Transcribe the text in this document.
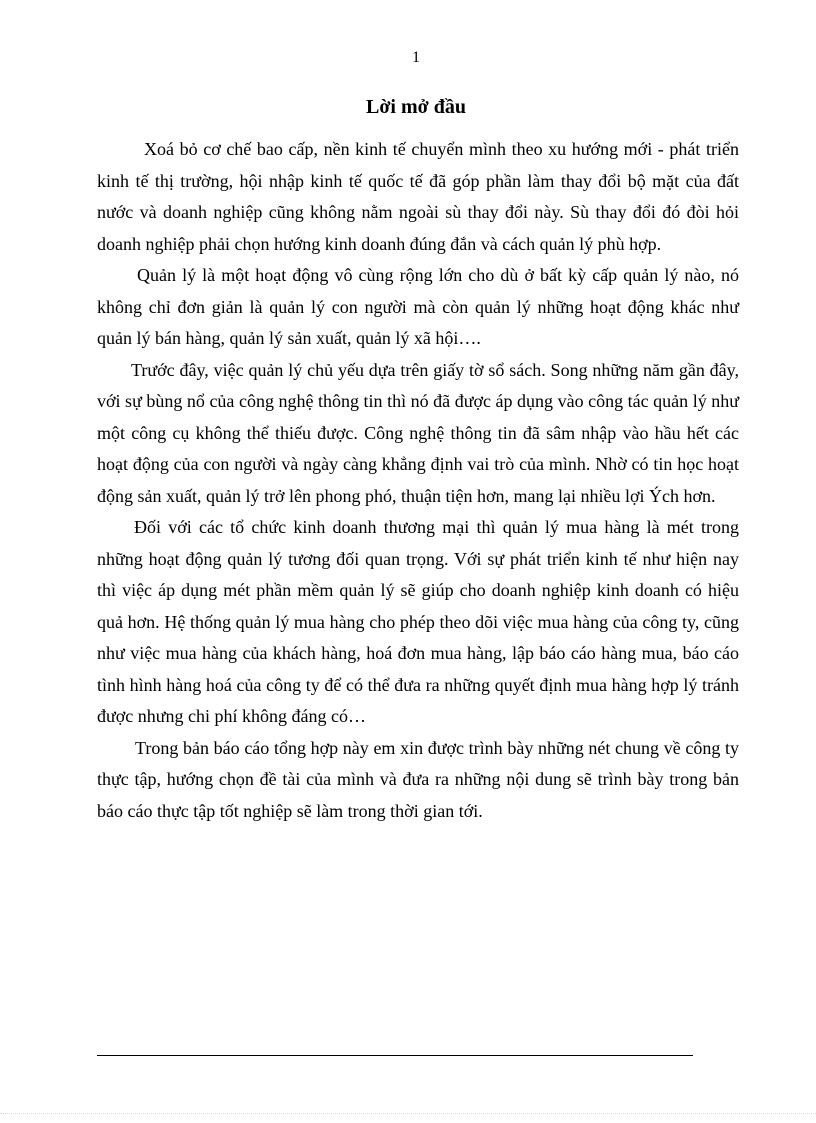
1
Lời mở đầu

Xoá bỏ cơ chế bao cấp, nền kinh tế chuyển mình theo xu hướng mới - phát triển kinh tế thị trường, hội nhập kinh tế quốc tế đã góp phần làm thay đổi bộ mặt của đất nước và doanh nghiệp cũng không nằm ngoài sù thay đổi này. Sù thay đổi đó đòi hỏi doanh nghiệp phải chọn hướng kinh doanh đúng đắn và cách quản lý phù hợp.

Quản lý là một hoạt động vô cùng rộng lớn cho dù ở bất kỳ cấp quản lý nào, nó không chỉ đơn giản là quản lý con người mà còn quản lý những hoạt động khác như quản lý bán hàng, quản lý sản xuất, quản lý xã hội….

Trước đây, việc quản lý chủ yếu dựa trên giấy tờ sổ sách. Song những năm gần đây, với sự bùng nổ của công nghệ thông tin thì nó đã được áp dụng vào công tác quản lý như một công cụ không thể thiếu được. Công nghệ thông tin đã sâm nhập vào hầu hết các hoạt động của con người và ngày càng khẳng định vai trò của mình. Nhờ có tin học hoạt động sản xuất, quản lý trở lên phong phó, thuận tiện hơn, mang lại nhiều lợi Ých hơn.

Đối với các tổ chức kinh doanh thương mại thì quản lý mua hàng là mét trong những hoạt động quản lý tương đối quan trọng. Với sự phát triển kinh tế như hiện nay thì việc áp dụng mét phần mềm quản lý sẽ giúp cho doanh nghiệp kinh doanh có hiệu quả hơn. Hệ thống quản lý mua hàng cho phép theo dõi việc mua hàng của công ty, cũng như việc mua hàng của khách hàng, hoá đơn mua hàng, lập báo cáo hàng mua, báo cáo tình hình hàng hoá của công ty để có thể đưa ra những quyết định mua hàng hợp lý tránh được nhưng chi phí không đáng có…

Trong bản báo cáo tổng hợp này em xin được trình bày những nét chung về công ty thực tập, hướng chọn đề tài của mình và đưa ra những nội dung sẽ trình bày trong bản báo cáo thực tập tốt nghiệp sẽ làm trong thời gian tới.
